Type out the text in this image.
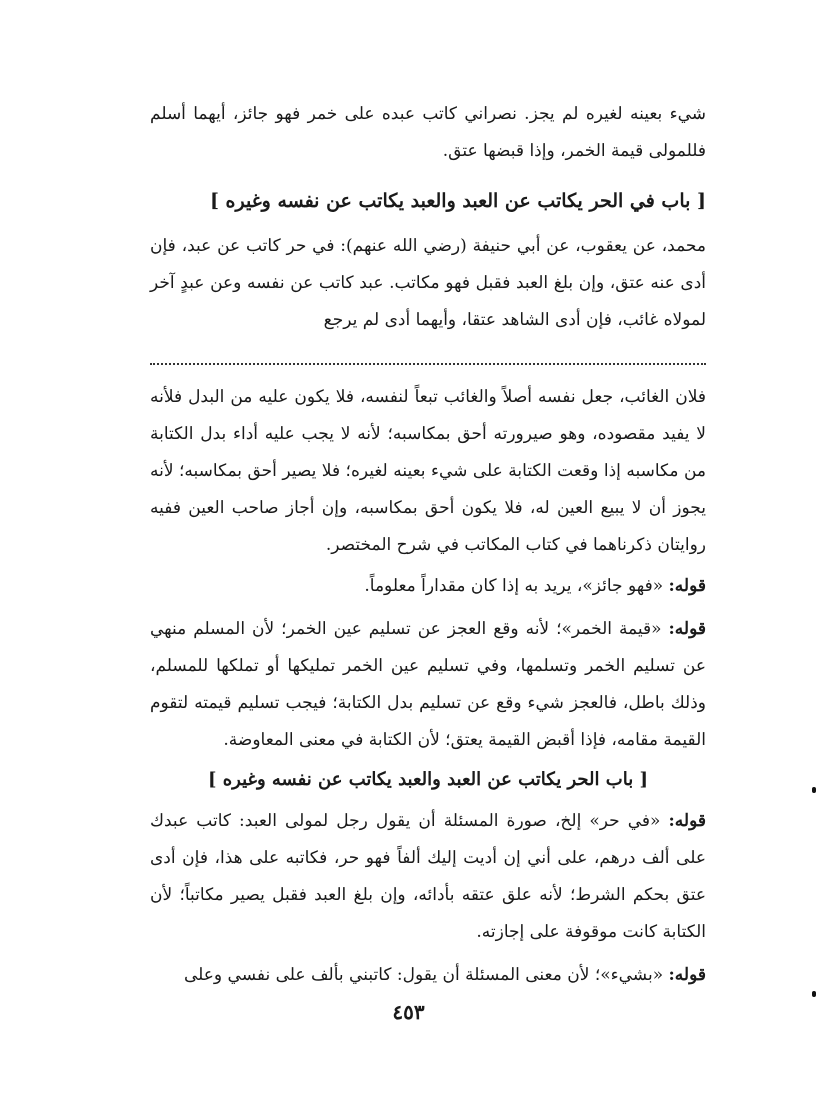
شيء بعينه لغيره لم يجز. نصراني كاتب عبده على خمر فهو جائز، أيهما أسلم فللمولى قيمة الخمر، وإذا قبضها عتق.

[ باب في الحر يكاتب عن العبد والعبد يكاتب عن نفسه وغيره ]

محمد، عن يعقوب، عن أبي حنيفة (رضي الله عنهم): في حر كاتب عن عبد، فإن أدى عنه عتق، وإن بلغ العبد فقبل فهو مكاتب. عبد كاتب عن نفسه وعن عبدٍ آخر لمولاه غائب، فإن أدى الشاهد عتقا، وأيهما أدى لم يرجع

فلان الغائب، جعل نفسه أصلاً والغائب تبعاً لنفسه، فلا يكون عليه من البدل فلأنه لا يفيد مقصوده، وهو صيرورته أحق بمكاسبه؛ لأنه لا يجب عليه أداء بدل الكتابة من مكاسبه إذا وقعت الكتابة على شيء بعينه لغيره؛ فلا يصير أحق بمكاسبه؛ لأنه يجوز أن لا يبيع العين له، فلا يكون أحق بمكاسبه، وإن أجاز صاحب العين ففيه روايتان ذكرناهما في كتاب المكاتب في شرح المختصر.

قوله: «فهو جائز»، يريد به إذا كان مقداراً معلوماً.

قوله: «قيمة الخمر»؛ لأنه وقع العجز عن تسليم عين الخمر؛ لأن المسلم منهي عن تسليم الخمر وتسلمها، وفي تسليم عين الخمر تمليكها أو تملكها للمسلم، وذلك باطل، فالعجز شيء وقع عن تسليم بدل الكتابة؛ فيجب تسليم قيمته لتقوم القيمة مقامه، فإذا أقبض القيمة يعتق؛ لأن الكتابة في معنى المعاوضة.

[ باب الحر يكاتب عن العبد والعبد يكاتب عن نفسه وغيره ]

قوله: «في حر» إلخ، صورة المسئلة أن يقول رجل لمولى العبد: كاتب عبدك على ألف درهم، على أني إن أديت إليك ألفاً فهو حر، فكاتبه على هذا، فإن أدى عتق بحكم الشرط؛ لأنه علق عتقه بأدائه، وإن بلغ العبد فقبل يصير مكاتباً؛ لأن الكتابة كانت موقوفة على إجازته.

قوله: «بشيء»؛ لأن معنى المسئلة أن يقول: كاتبني بألف على نفسي وعلى

٤٥٣
